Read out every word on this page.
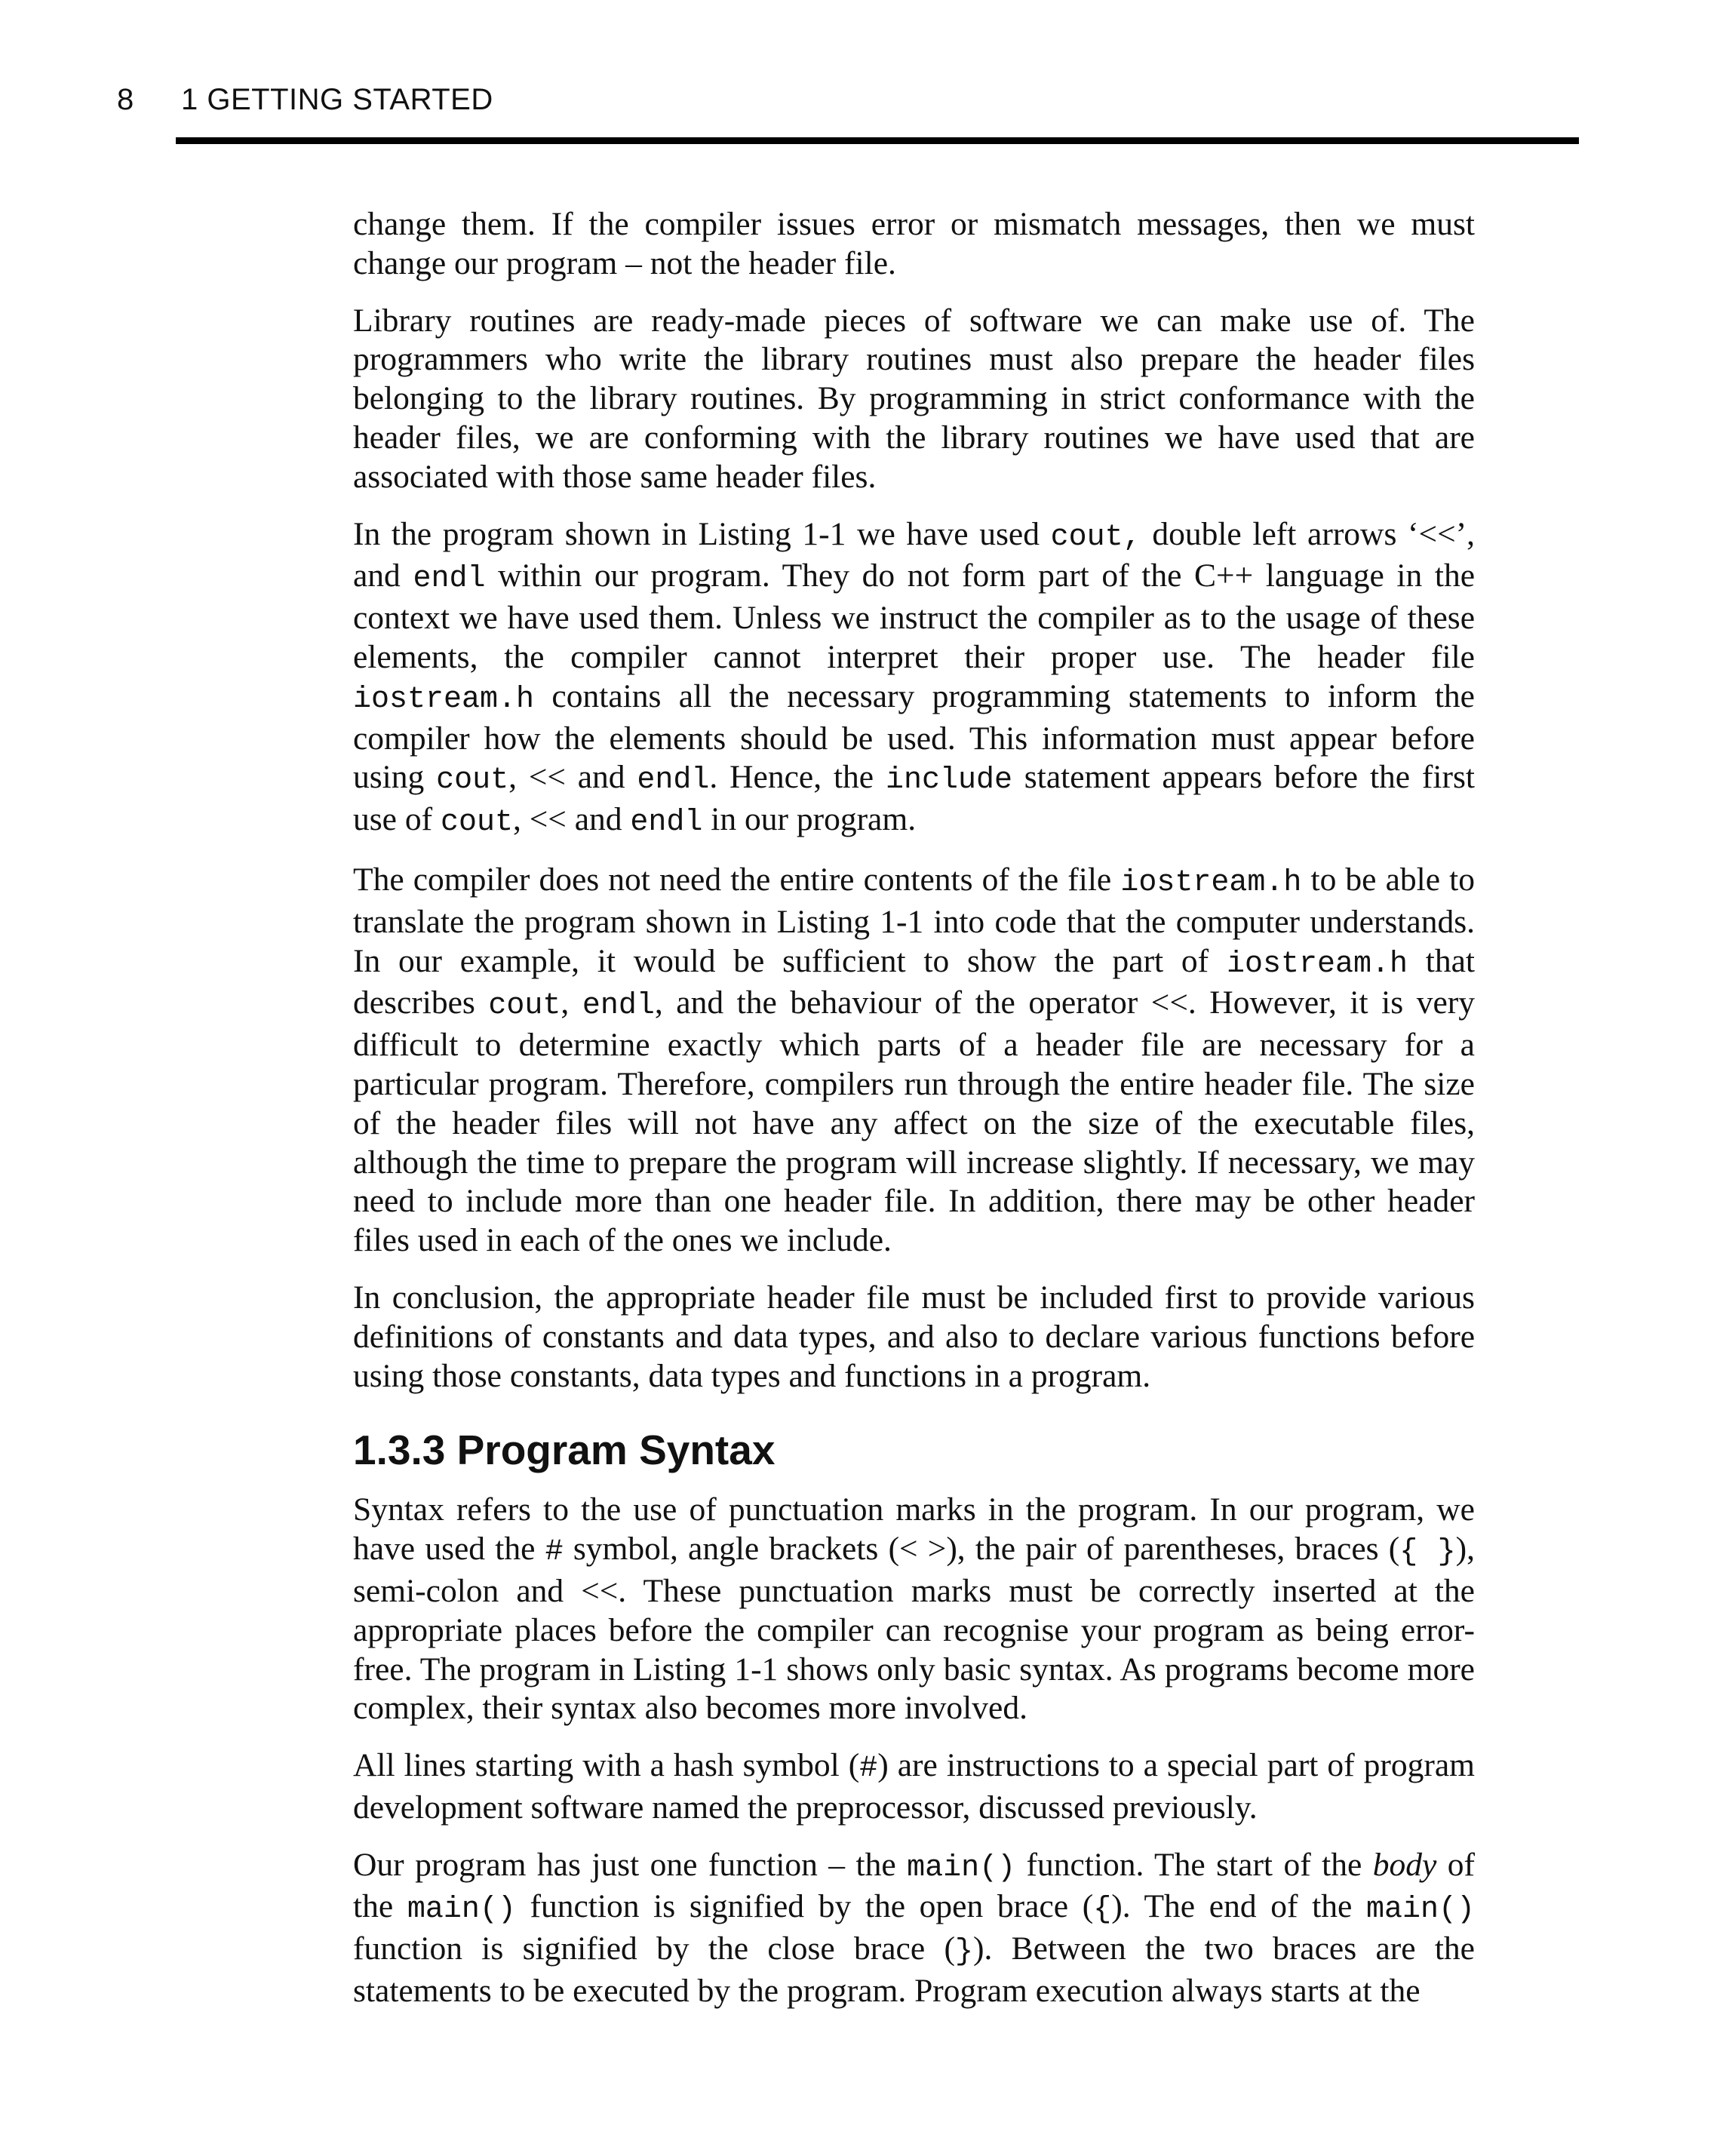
8 1 GETTING STARTED

change them. If the compiler issues error or mismatch messages, then we must change our program – not the header file.

Library routines are ready-made pieces of software we can make use of. The programmers who write the library routines must also prepare the header files belonging to the library routines. By programming in strict conformance with the header files, we are conforming with the library routines we have used that are associated with those same header files.

In the program shown in Listing 1-1 we have used cout, double left arrows ‘<<’, and endl within our program. They do not form part of the C++ language in the context we have used them. Unless we instruct the compiler as to the usage of these elements, the compiler cannot interpret their proper use. The header file iostream.h contains all the necessary programming statements to inform the compiler how the elements should be used. This information must appear before using cout, << and endl. Hence, the include statement appears before the first use of cout, << and endl in our program.

The compiler does not need the entire contents of the file iostream.h to be able to translate the program shown in Listing 1-1 into code that the computer understands. In our example, it would be sufficient to show the part of iostream.h that describes cout, endl, and the behaviour of the operator <<. However, it is very difficult to determine exactly which parts of a header file are necessary for a particular program. Therefore, compilers run through the entire header file. The size of the header files will not have any affect on the size of the executable files, although the time to prepare the program will increase slightly. If necessary, we may need to include more than one header file. In addition, there may be other header files used in each of the ones we include.

In conclusion, the appropriate header file must be included first to provide various definitions of constants and data types, and also to declare various functions before using those constants, data types and functions in a program.

1.3.3 Program Syntax

Syntax refers to the use of punctuation marks in the program. In our program, we have used the # symbol, angle brackets (< >), the pair of parentheses, braces ({ }), semi-colon and <<. These punctuation marks must be correctly inserted at the appropriate places before the compiler can recognise your program as being error-free. The program in Listing 1-1 shows only basic syntax. As programs become more complex, their syntax also becomes more involved.

All lines starting with a hash symbol (#) are instructions to a special part of program development software named the preprocessor, discussed previously.

Our program has just one function – the main() function. The start of the body of the main() function is signified by the open brace ({). The end of the main() function is signified by the close brace (}). Between the two braces are the statements to be executed by the program. Program execution always starts at the
